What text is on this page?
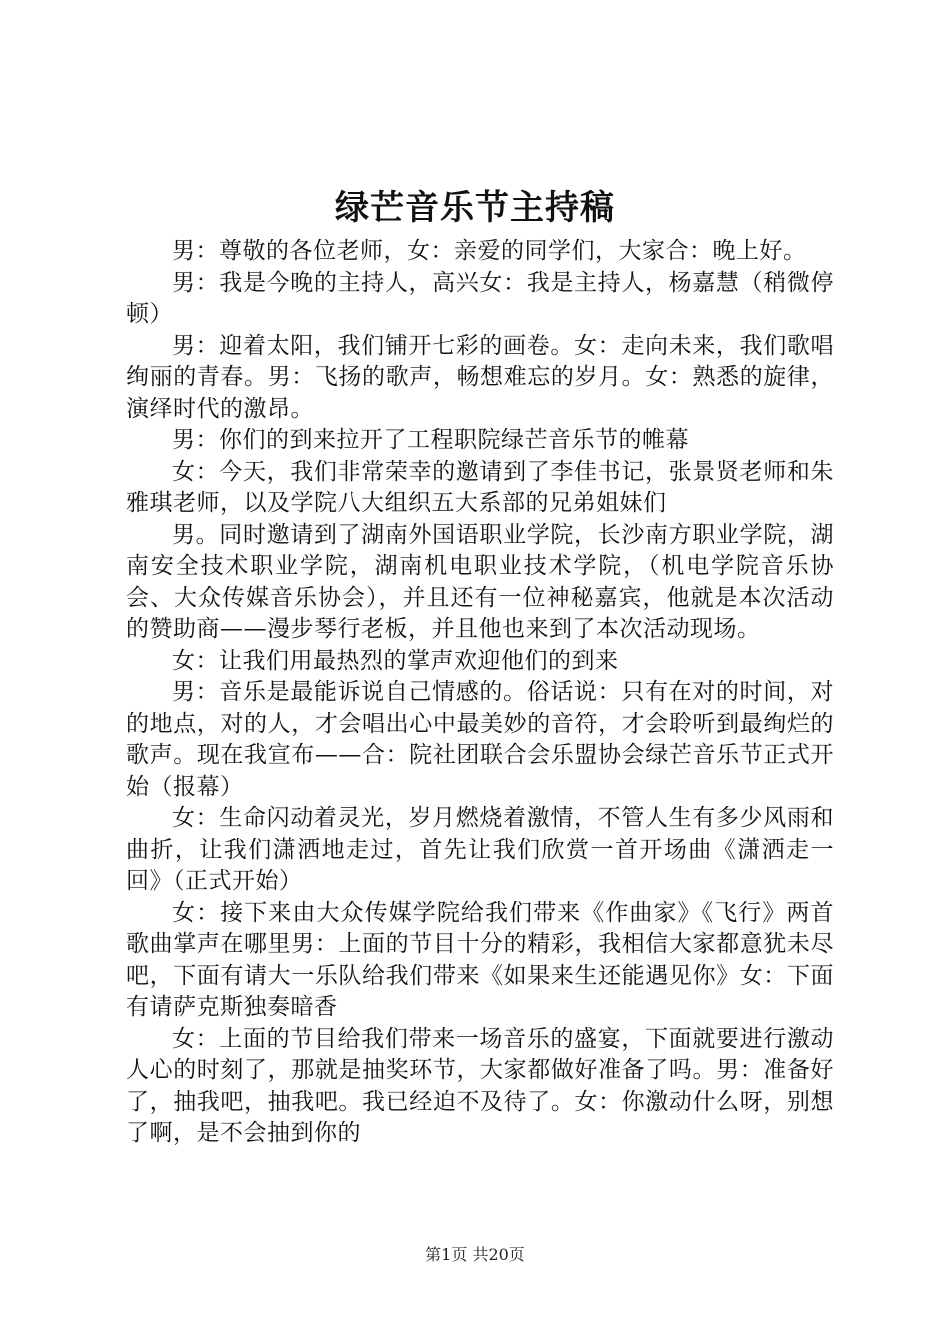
绿芒音乐节主持稿

男：尊敬的各位老师，女：亲爱的同学们，大家合：晚上好。

男：我是今晚的主持人，高兴女：我是主持人，杨嘉慧（稍微停顿）

男：迎着太阳，我们铺开七彩的画卷。女：走向未来，我们歌唱绚丽的青春。男：飞扬的歌声，畅想难忘的岁月。女：熟悉的旋律，演绎时代的激昂。

男：你们的到来拉开了工程职院绿芒音乐节的帷幕

女：今天，我们非常荣幸的邀请到了李佳书记，张景贤老师和朱雅琪老师，以及学院八大组织五大系部的兄弟姐妹们

男。同时邀请到了湖南外国语职业学院，长沙南方职业学院，湖南安全技术职业学院，湖南机电职业技术学院，（机电学院音乐协会、大众传媒音乐协会），并且还有一位神秘嘉宾，他就是本次活动的赞助商——漫步琴行老板，并且他也来到了本次活动现场。

女：让我们用最热烈的掌声欢迎他们的到来

男：音乐是最能诉说自己情感的。俗话说：只有在对的时间，对的地点，对的人，才会唱出心中最美妙的音符，才会聆听到最绚烂的歌声。现在我宣布——合：院社团联合会乐盟协会绿芒音乐节正式开始（报幕）

女：生命闪动着灵光，岁月燃烧着激情，不管人生有多少风雨和曲折，让我们潇洒地走过，首先让我们欣赏一首开场曲《潇洒走一回》（正式开始）

女：接下来由大众传媒学院给我们带来《作曲家》《飞行》两首歌曲掌声在哪里男：上面的节目十分的精彩，我相信大家都意犹未尽吧，下面有请大一乐队给我们带来《如果来生还能遇见你》女：下面有请萨克斯独奏暗香

女：上面的节目给我们带来一场音乐的盛宴，下面就要进行激动人心的时刻了，那就是抽奖环节，大家都做好准备了吗。男：准备好了，抽我吧，抽我吧。我已经迫不及待了。女：你激动什么呀，别想了啊，是不会抽到你的

第1页 共20页
